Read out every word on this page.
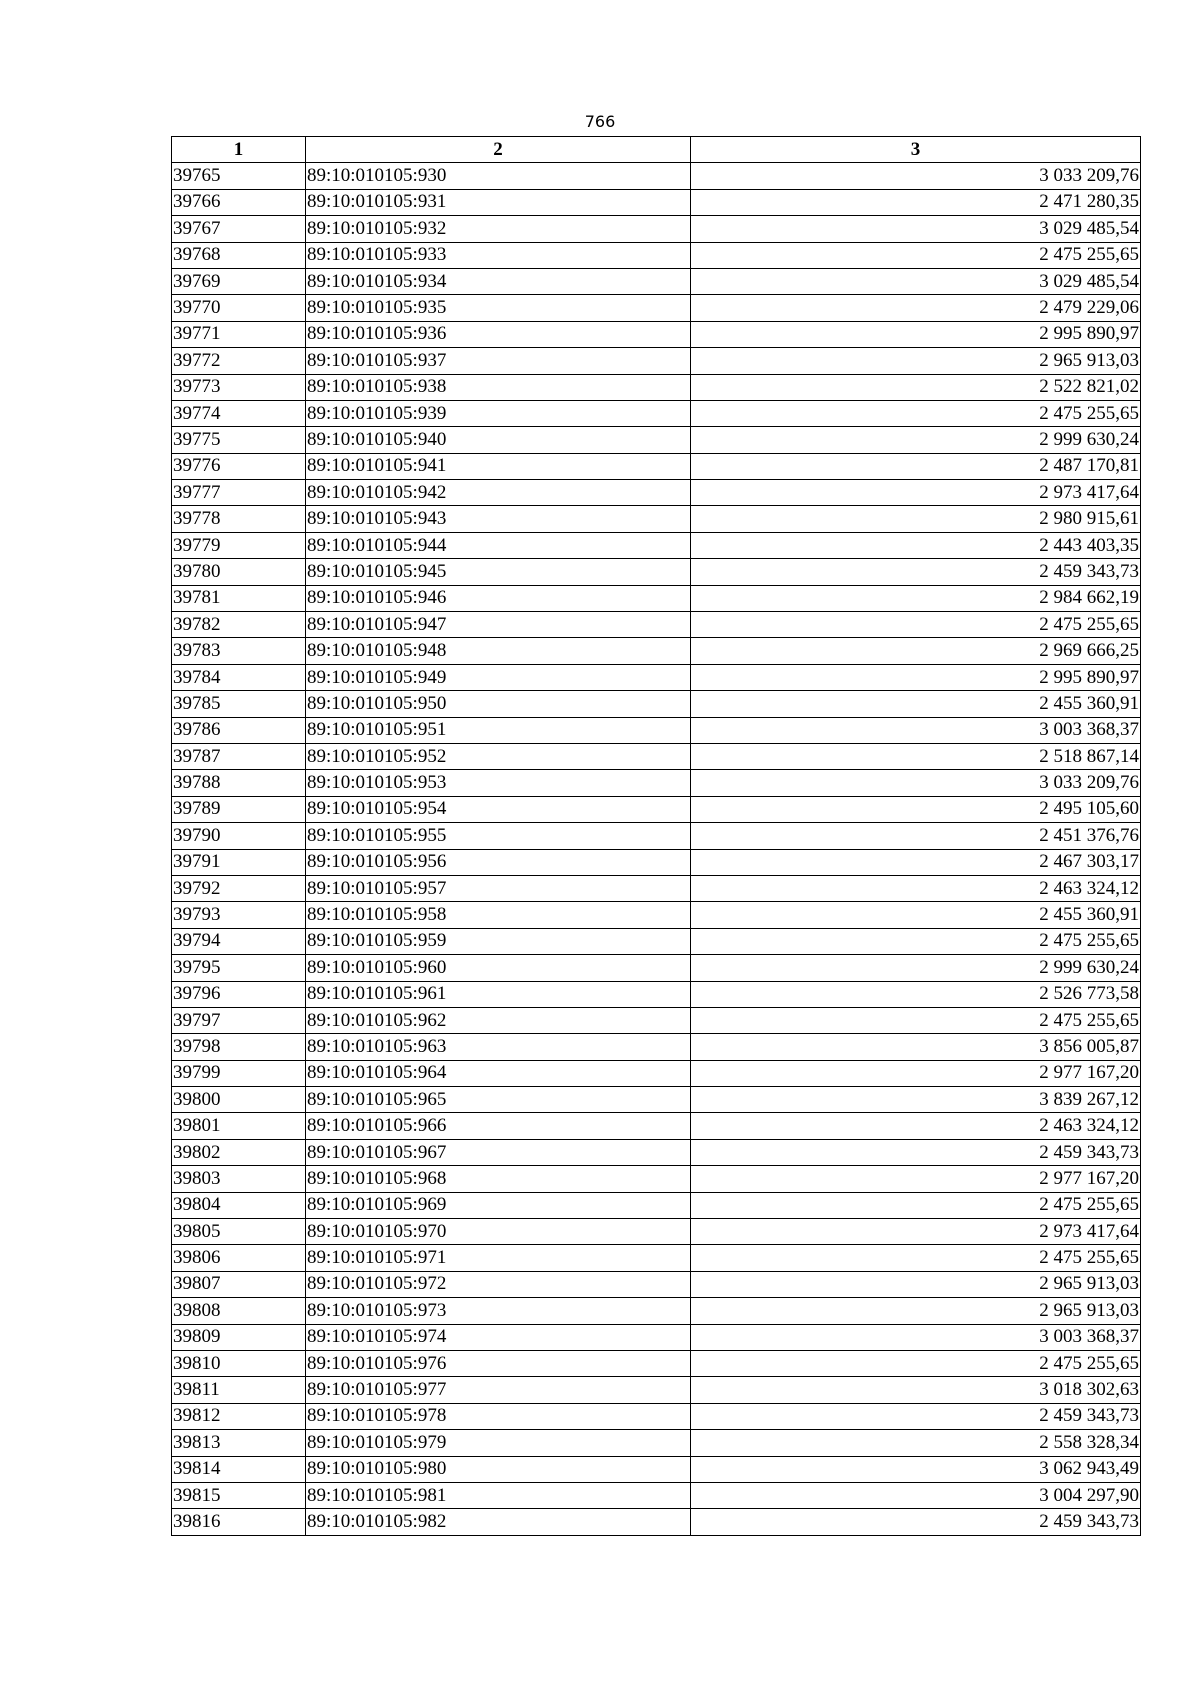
766
1	2	3
39765	89:10:010105:930	3 033 209,76
39766	89:10:010105:931	2 471 280,35
39767	89:10:010105:932	3 029 485,54
39768	89:10:010105:933	2 475 255,65
39769	89:10:010105:934	3 029 485,54
39770	89:10:010105:935	2 479 229,06
39771	89:10:010105:936	2 995 890,97
39772	89:10:010105:937	2 965 913,03
39773	89:10:010105:938	2 522 821,02
39774	89:10:010105:939	2 475 255,65
39775	89:10:010105:940	2 999 630,24
39776	89:10:010105:941	2 487 170,81
39777	89:10:010105:942	2 973 417,64
39778	89:10:010105:943	2 980 915,61
39779	89:10:010105:944	2 443 403,35
39780	89:10:010105:945	2 459 343,73
39781	89:10:010105:946	2 984 662,19
39782	89:10:010105:947	2 475 255,65
39783	89:10:010105:948	2 969 666,25
39784	89:10:010105:949	2 995 890,97
39785	89:10:010105:950	2 455 360,91
39786	89:10:010105:951	3 003 368,37
39787	89:10:010105:952	2 518 867,14
39788	89:10:010105:953	3 033 209,76
39789	89:10:010105:954	2 495 105,60
39790	89:10:010105:955	2 451 376,76
39791	89:10:010105:956	2 467 303,17
39792	89:10:010105:957	2 463 324,12
39793	89:10:010105:958	2 455 360,91
39794	89:10:010105:959	2 475 255,65
39795	89:10:010105:960	2 999 630,24
39796	89:10:010105:961	2 526 773,58
39797	89:10:010105:962	2 475 255,65
39798	89:10:010105:963	3 856 005,87
39799	89:10:010105:964	2 977 167,20
39800	89:10:010105:965	3 839 267,12
39801	89:10:010105:966	2 463 324,12
39802	89:10:010105:967	2 459 343,73
39803	89:10:010105:968	2 977 167,20
39804	89:10:010105:969	2 475 255,65
39805	89:10:010105:970	2 973 417,64
39806	89:10:010105:971	2 475 255,65
39807	89:10:010105:972	2 965 913,03
39808	89:10:010105:973	2 965 913,03
39809	89:10:010105:974	3 003 368,37
39810	89:10:010105:976	2 475 255,65
39811	89:10:010105:977	3 018 302,63
39812	89:10:010105:978	2 459 343,73
39813	89:10:010105:979	2 558 328,34
39814	89:10:010105:980	3 062 943,49
39815	89:10:010105:981	3 004 297,90
39816	89:10:010105:982	2 459 343,73
